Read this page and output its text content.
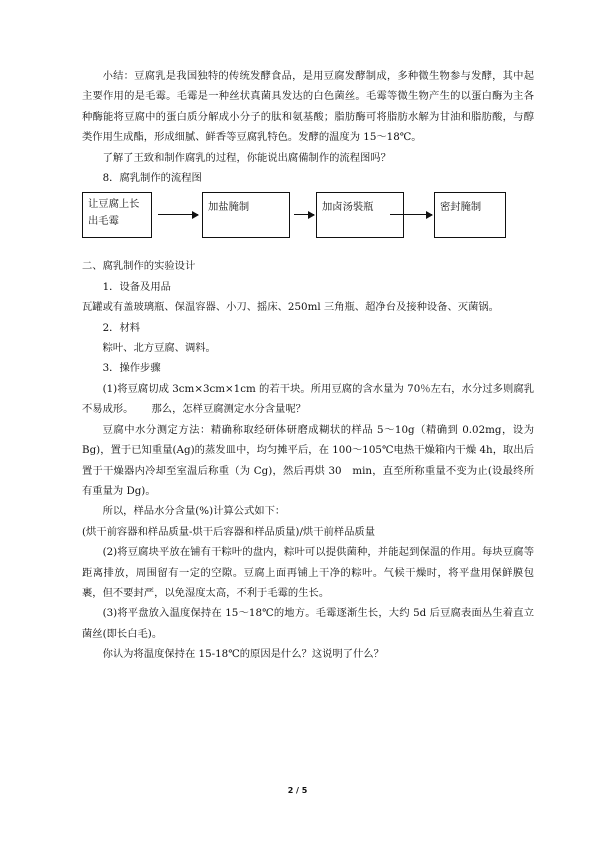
小结：豆腐乳是我国独特的传统发酵食品，是用豆腐发酵制成，多种微生物参与发酵，其中起主要作用的是毛霉。毛霉是一种丝状真菌具发达的白色菌丝。毛霉等微生物产生的以蛋白酶为主各种酶能将豆腐中的蛋白质分解成小分子的肽和氨基酸；脂肪酶可将脂肪水解为甘油和脂肪酸，与醇类作用生成酯，形成细腻、鲜香等豆腐乳特色。发酵的温度为 15～18℃。

了解了王致和制作腐乳的过程，你能说出腐備制作的流程图吗？

8．腐乳制作的流程图

让豆腐上长出毛霉
加盐腌制	加卤汤裝瓶	密封腌制

二、腐乳制作的实验设计

1．设备及用品

瓦罐或有盖玻璃瓶、保温容器、小刀、摇床、250ml 三角瓶、超净台及接种设备、灭菌锅。

2．材料

粽叶、北方豆腐、调料。

3．操作步骤

(1)将豆腐切成 3cm×3cm×1cm 的若干块。所用豆腐的含水量为 70％左右，水分过多则腐乳不易成形。 那么，怎样豆腐测定水分含量呢？

豆腐中水分测定方法：精确称取经研体研磨成糊状的样品 5～10g（精确到 0.02mg，设为 Bg)，置于已知重量(Ag)的蒸发皿中，均匀摊平后，在 100～105℃电热干燥箱内干燥 4h，取出后置于干燥器内冷却至室温后称重（为 Cg)，然后再烘 30　min，直至所称重量不变为止(设最终所有重量为 Dg)。

所以，样品水分含量(%)计算公式如下：

(烘干前容器和样品质量-烘干后容器和样品质量)/烘干前样品质量

(2)将豆腐块平放在铺有干粽叶的盘内，粽叶可以提供菌种，并能起到保温的作用。每块豆腐等距离排放，周围留有一定的空隙。豆腐上面再铺上干净的粽叶。气候干燥时，将平盘用保鲜膜包裹，但不要封严，以免湿度太高，不利于毛霉的生长。

(3)将平盘放入温度保持在 15～18℃的地方。毛霉逐渐生长，大约 5d 后豆腐表面丛生着直立菌丝(即长白毛)。

你认为将温度保持在 15-18℃的原因是什么？这说明了什么？

2 / 5
